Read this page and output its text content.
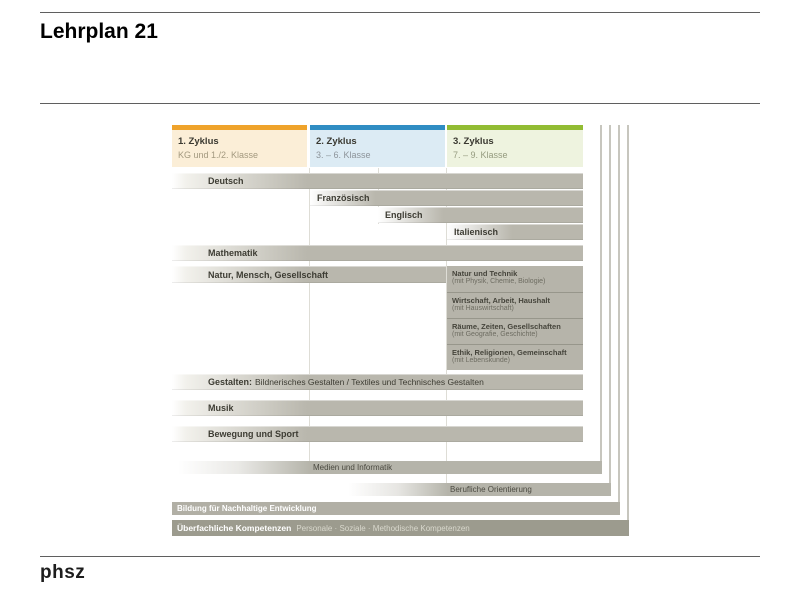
Lehrplan 21
1. Zyklus
KG und 1./2. Klasse
2. Zyklus
3. – 6. Klasse
3. Zyklus
7. – 9. Klasse
Deutsch
Französisch
Englisch
Italienisch
Mathematik
Natur, Mensch, Gesellschaft	Natur und Technik
(mit Physik, Chemie, Biologie)
Wirtschaft, Arbeit, Haushalt
(mit Hauswirtschaft)
Räume, Zeiten, Gesellschaften
(mit Geografie, Geschichte)
Ethik, Religionen, Gemeinschaft
(mit Lebenskunde)
Gestalten: Bildnerisches Gestalten / Textiles und Technisches Gestalten
Musik
Bewegung und Sport
Medien und Informatik
Berufliche Orientierung
Bildung für Nachhaltige Entwicklung
Überfachliche Kompetenzen Personale · Soziale · Methodische Kompetenzen
phsz
